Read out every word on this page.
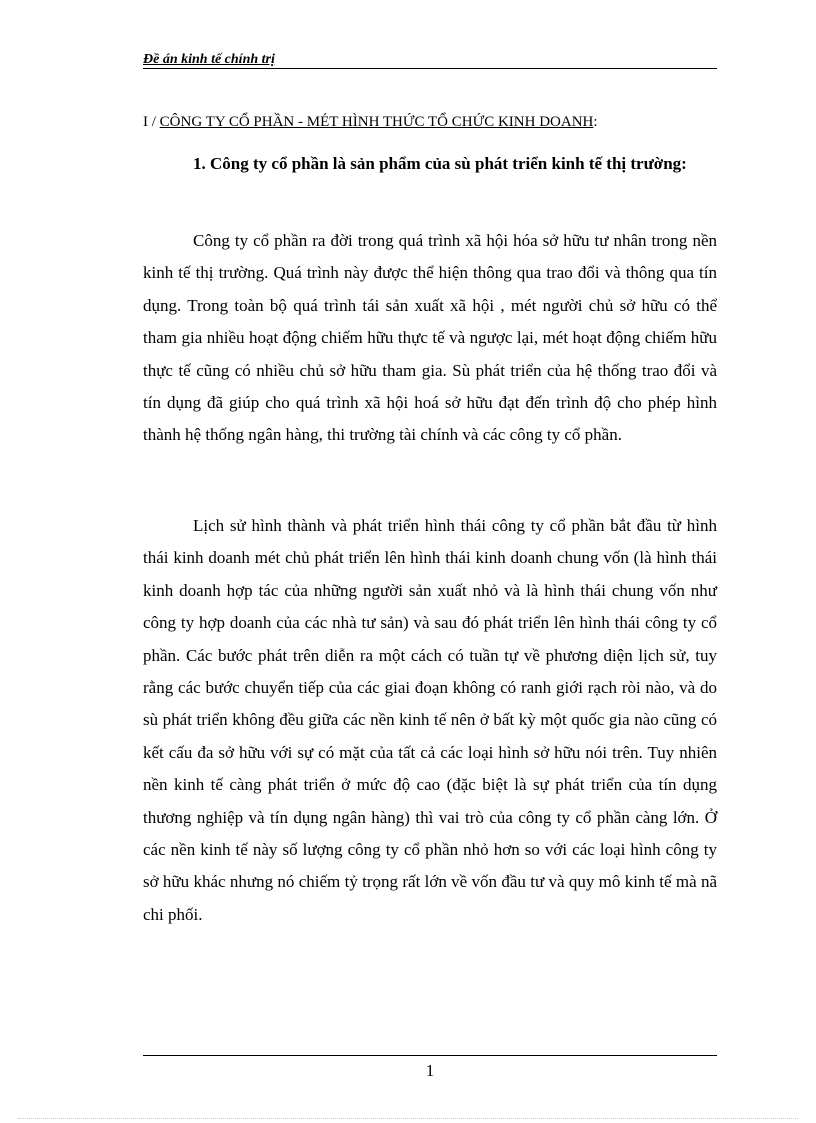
Đề án kinh tế chính trị
I / CÔNG TY CỔ PHẦN - MÉT HÌNH THỨC TỔ CHỨC KINH DOANH:
1. Công ty cổ phần là sản phẩm của sù phát triển kinh tế thị trường:

Công ty cổ phần ra đời trong quá trình xã hội hóa sở hữu tư nhân trong nền kinh tế thị trường. Quá trình này được thể hiện thông qua trao đổi và thông qua tín dụng. Trong toàn bộ quá trình tái sản xuất xã hội , mét người chủ sở hữu có thể tham gia nhiều hoạt động chiếm hữu thực tế và ngược lại, mét hoạt động chiếm hữu thực tế cũng có nhiều chủ sở hữu tham gia. Sù phát triển của hệ thống trao đổi và tín dụng đã giúp cho quá trình xã hội hoá sở hữu đạt đến trình độ cho phép hình thành hệ thống ngân hàng, thi trường tài chính và các công ty cổ phần.

Lịch sử hình thành và phát triển hình thái công ty cổ phần bắt đầu từ hình thái kinh doanh mét chủ phát triển lên hình thái kinh doanh chung vốn (là hình thái kinh doanh hợp tác của những người sản xuất nhỏ và là hình thái chung vốn như công ty hợp doanh của các nhà tư sản) và sau đó phát triển lên hình thái công ty cổ phần. Các bước phát trên diễn ra một cách có tuần tự về phương diện lịch sử, tuy rằng các bước chuyển tiếp của các giai đoạn không có ranh giới rạch ròi nào, và do sù phát triển không đều giữa các nền kinh tế nên ở bất kỳ một quốc gia nào cũng có kết cấu đa sở hữu với sự có mặt của tất cả các loại hình sở hữu nói trên. Tuy nhiên nền kinh tế càng phát triển ở mức độ cao (đặc biệt là sự phát triển của tín dụng thương nghiệp và tín dụng ngân hàng) thì vai trò của công ty cổ phần càng lớn. Ở các nền kinh tế này số lượng công ty cổ phần nhỏ hơn so với các loại hình công ty sở hữu khác nhưng nó chiếm tỷ trọng rất lớn về vốn đầu tư và quy mô kinh tế mà nã chi phối.

1
